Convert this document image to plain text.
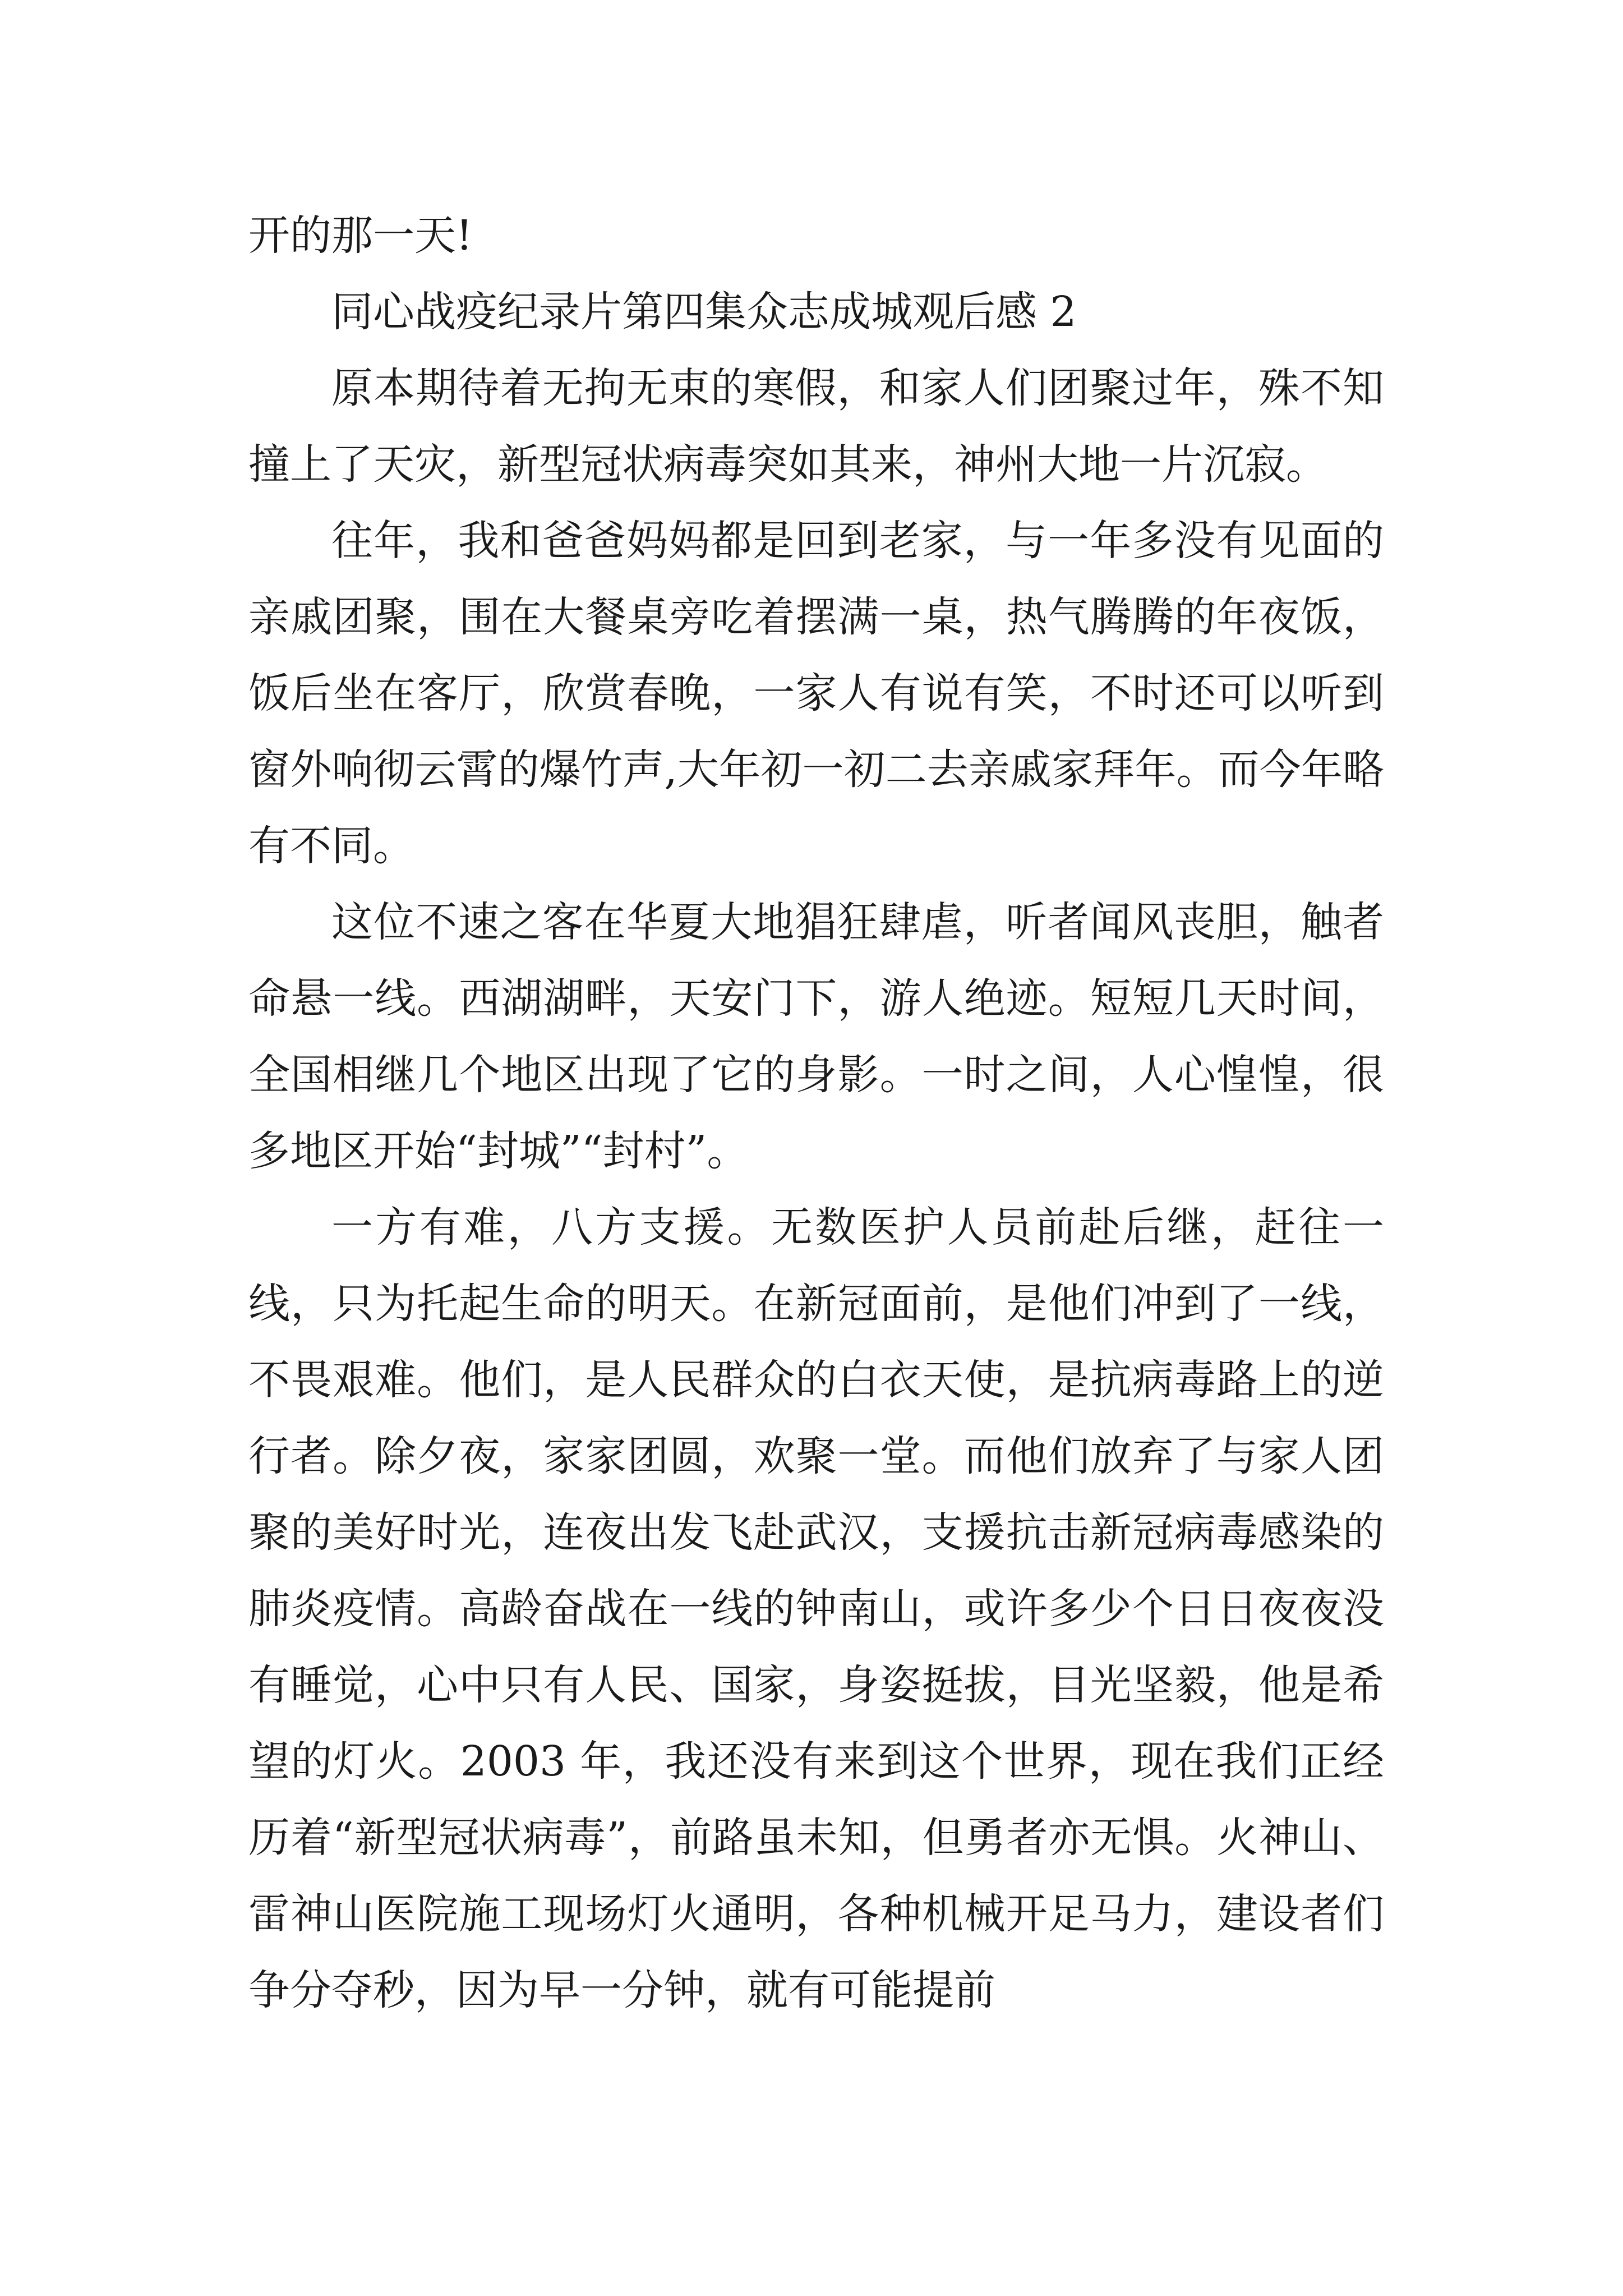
开的那一天!

同心战疫纪录片第四集众志成城观后感 2

原本期待着无拘无束的寒假，和家人们团聚过年，殊不知撞上了天灾，新型冠状病毒突如其来，神州大地一片沉寂。

往年，我和爸爸妈妈都是回到老家，与一年多没有见面的亲戚团聚，围在大餐桌旁吃着摆满一桌，热气腾腾的年夜饭，饭后坐在客厅，欣赏春晚，一家人有说有笑，不时还可以听到窗外响彻云霄的爆竹声,大年初一初二去亲戚家拜年。而今年略有不同。

这位不速之客在华夏大地猖狂肆虐，听者闻风丧胆，触者命悬一线。西湖湖畔，天安门下，游人绝迹。短短几天时间，全国相继几个地区出现了它的身影。一时之间，人心惶惶，很多地区开始“封城”“封村”。

一方有难，八方支援。无数医护人员前赴后继，赶往一线，只为托起生命的明天。在新冠面前，是他们冲到了一线，不畏艰难。他们，是人民群众的白衣天使，是抗病毒路上的逆行者。除夕夜，家家团圆，欢聚一堂。而他们放弃了与家人团聚的美好时光，连夜出发飞赴武汉，支援抗击新冠病毒感染的肺炎疫情。高龄奋战在一线的钟南山，或许多少个日日夜夜没有睡觉，心中只有人民、国家，身姿挺拔，目光坚毅，他是希望的灯火。2003 年，我还没有来到这个世界，现在我们正经历着“新型冠状病毒”，前路虽未知，但勇者亦无惧。火神山、雷神山医院施工现场灯火通明，各种机械开足马力，建设者们争分夺秒，因为早一分钟，就有可能提前
